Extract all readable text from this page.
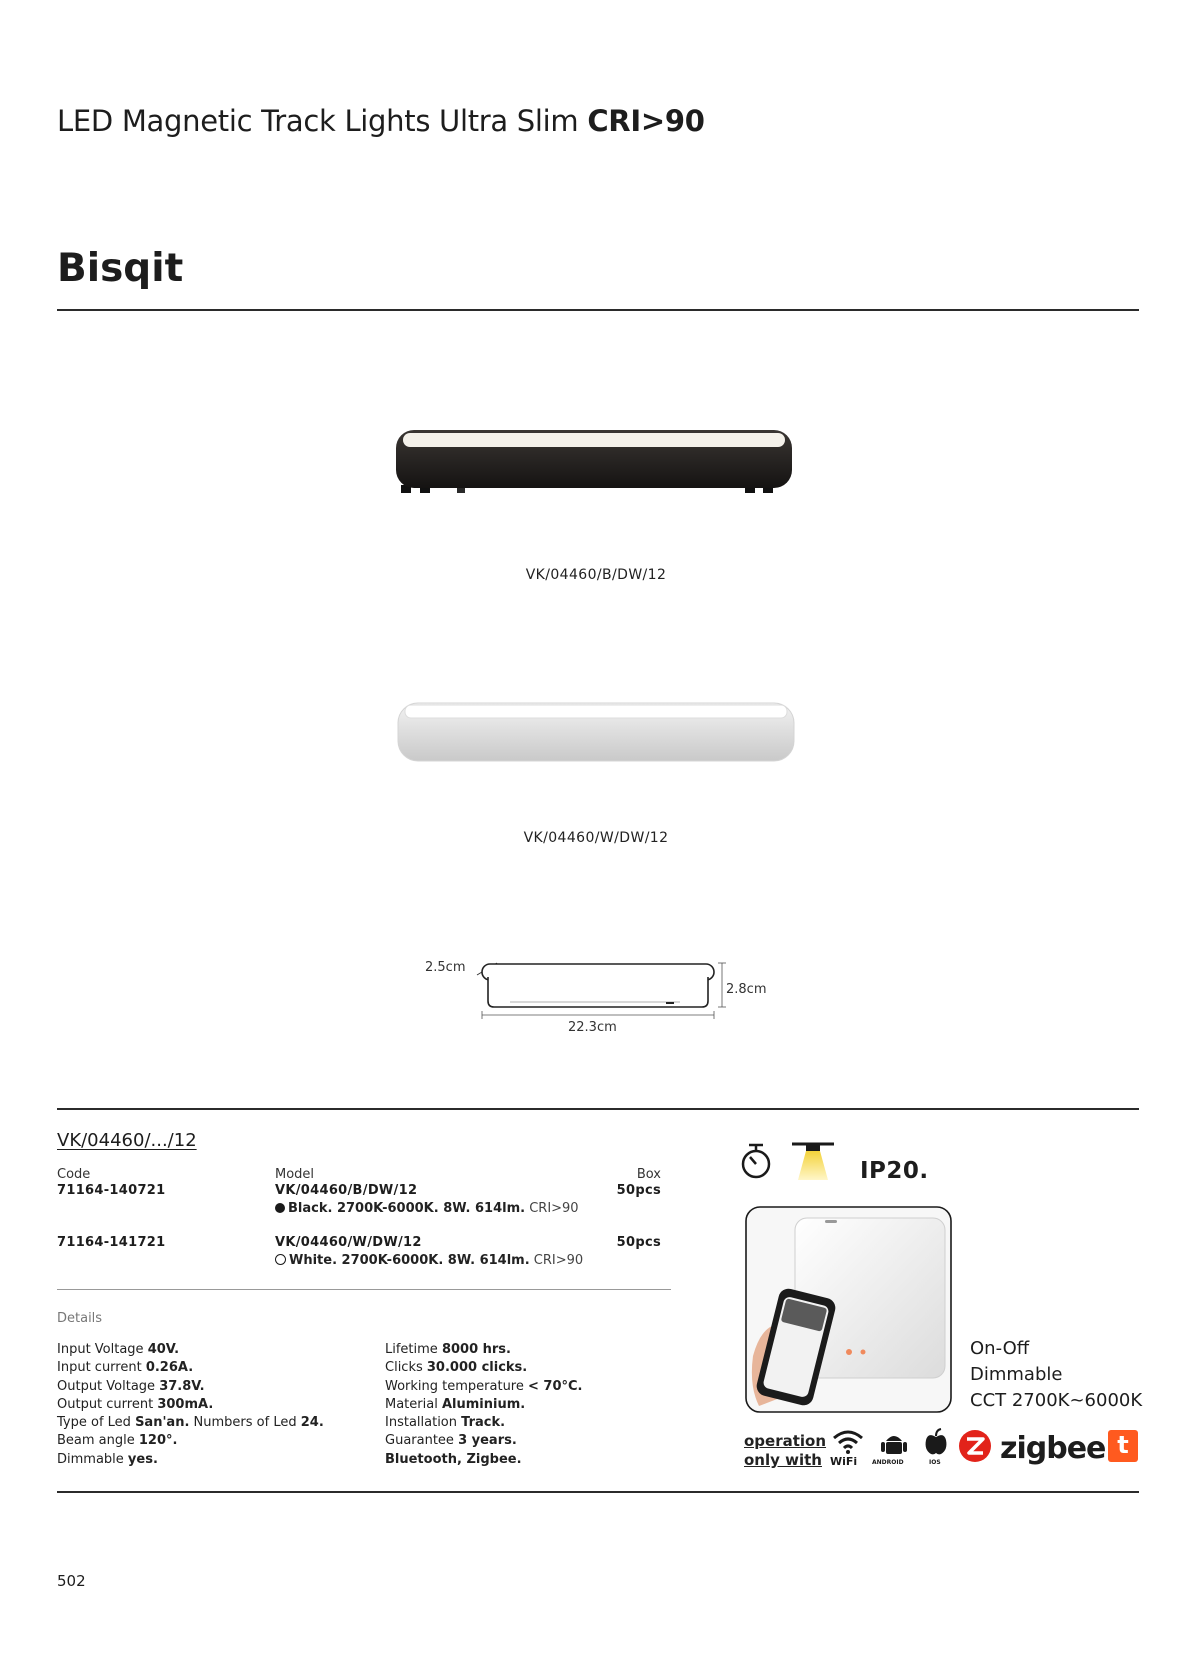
LED Magnetic Track Lights Ultra Slim CRI>90
Bisqit
VK/04460/B/DW/12
VK/04460/W/DW/12
2.5cm
2.8cm
22.3cm
VK/04460/.../12
Code	Model	Box
71164-140721	VK/04460/B/DW/12	50pcs
Black. 2700K-6000K. 8W. 614lm. CRI>90
71164-141721	VK/04460/W/DW/12	50pcs
White. 2700K-6000K. 8W. 614lm. CRI>90
Details
Input Voltage 40V.
Input current 0.26A.
Output Voltage 37.8V.
Output current 300mA.
Type of Led San'an. Numbers of Led 24.
Beam angle 120°.
Dimmable yes.
Lifetime 8000 hrs.
Clicks 30.000 clicks.
Working temperature < 70°C.
Material Aluminium.
Installation Track.
Guarantee 3 years.
Bluetooth, Zigbee.
IP20.
On-Off
Dimmable
CCT 2700K~6000K
operation
only with WiFi ANDROID	IOS zigbee t
502
